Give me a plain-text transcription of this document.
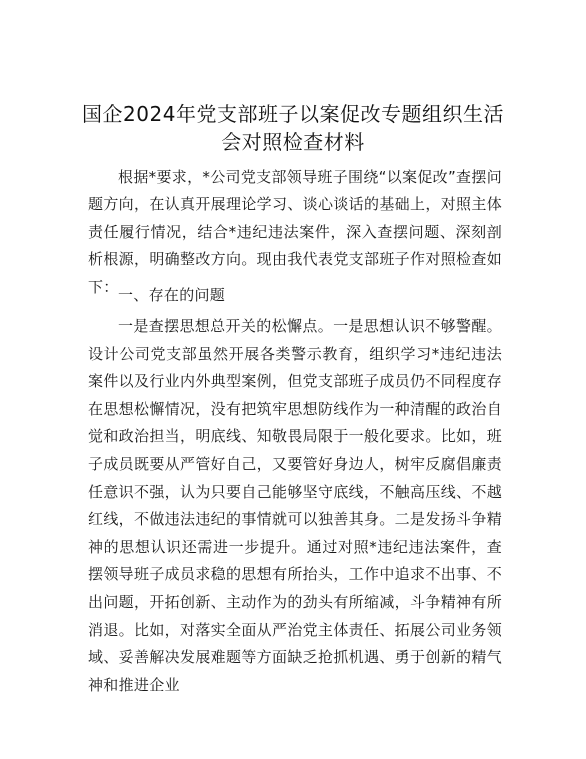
国企2024年党支部班子以案促改专题组织生活
会对照检查材料

根据*要求，*公司党支部领导班子围绕“以案促改”查摆问题方向，在认真开展理论学习、谈心谈话的基础上，对照主体责任履行情况，结合*违纪违法案件，深入查摆问题、深刻剖析根源，明确整改方向。现由我代表党支部班子作对照检查如下： 一、存在的问题

一是查摆思想总开关的松懈点。一是思想认识不够警醒。设计公司党支部虽然开展各类警示教育，组织学习*违纪违法案件以及行业内外典型案例，但党支部班子成员仍不同程度存在思想松懈情况，没有把筑牢思想防线作为一种清醒的政治自觉和政治担当，明底线、知敬畏局限于一般化要求。比如，班子成员既要从严管好自己，又要管好身边人，树牢反腐倡廉责任意识不强，认为只要自己能够坚守底线，不触高压线、不越红线，不做违法违纪的事情就可以独善其身。二是发扬斗争精神的思想认识还需进一步提升。通过对照*违纪违法案件，查摆领导班子成员求稳的思想有所抬头，工作中追求不出事、不出问题，开拓创新、主动作为的劲头有所缩减，斗争精神有所消退。比如，对落实全面从严治党主体责任、拓展公司业务领域、妥善解决发展难题等方面缺乏抢抓机遇、勇于创新的精气神和推进企业
